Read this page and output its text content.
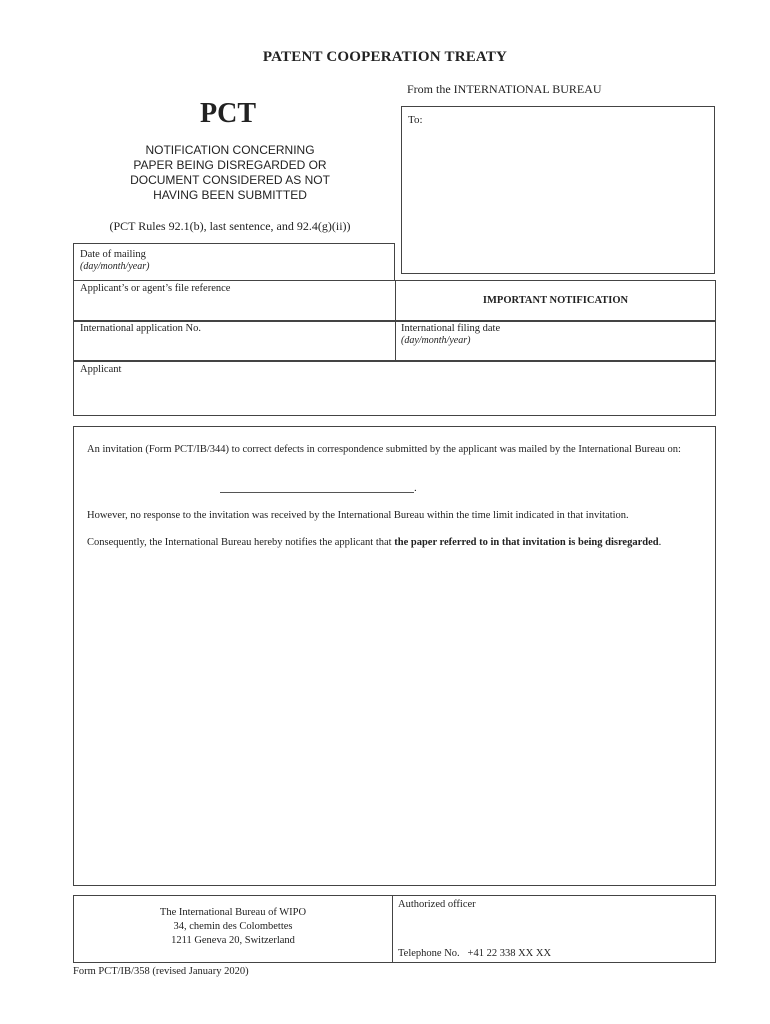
PATENT COOPERATION TREATY
From the INTERNATIONAL BUREAU
To:
PCT
NOTIFICATION CONCERNING
PAPER BEING DISREGARDED OR
DOCUMENT CONSIDERED AS NOT
HAVING BEEN SUBMITTED
(PCT Rules 92.1(b), last sentence, and 92.4(g)(ii))
Date of mailing
(day/month/year)
Applicant’s or agent’s file reference
IMPORTANT NOTIFICATION
International application No.	International filing date
(day/month/year)
Applicant
An invitation (Form PCT/IB/344) to correct defects in correspondence submitted by the applicant was mailed by the International Bureau on:
.
However, no response to the invitation was received by the International Bureau within the time limit indicated in that invitation.
Consequently, the International Bureau hereby notifies the applicant that the paper referred to in that invitation is being disregarded.
The International Bureau of WIPO
34, chemin des Colombettes
1211 Geneva 20, Switzerland
Authorized officer
Telephone No. +41 22 338 XX XX
Form PCT/IB/358 (revised January 2020)
